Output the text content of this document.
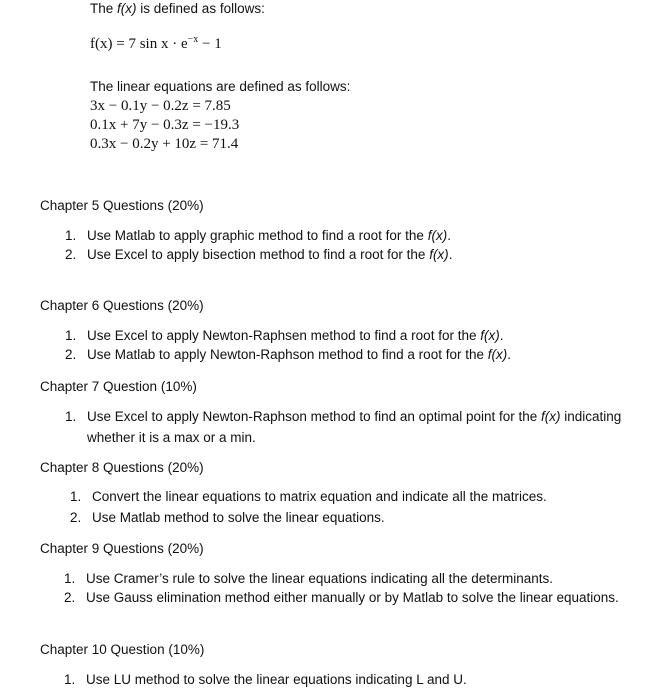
The f(x) is defined as follows:
f(x) = 7 $\sin x \cdot e^{-x} - 1$
The linear equations are defined as follows:
3x − 0.1y − 0.2z = 7.85
0.1x + 7y − 0.3z = −19.3
0.3x − 0.2y + 10z = 71.4
Chapter 5 Questions (20%)
1. Use Matlab to apply graphic method to find a root for the f(x).
2. Use Excel to apply bisection method to find a root for the f(x).
Chapter 6 Questions (20%)
1. Use Excel to apply Newton-Raphsen method to find a root for the f(x).
2. Use Matlab to apply Newton-Raphson method to find a root for the f(x).
Chapter 7 Question (10%)
1. Use Excel to apply Newton-Raphson method to find an optimal point for the f(x) indicating
whether it is a max or a min.
Chapter 8 Questions (20%)
1. Convert the linear equations to matrix equation and indicate all the matrices.
2. Use Matlab method to solve the linear equations.
Chapter 9 Questions (20%)
1. Use Cramer’s rule to solve the linear equations indicating all the determinants.
2. Use Gauss elimination method either manually or by Matlab to solve the linear equations.
Chapter 10 Question (10%)
1. Use LU method to solve the linear equations indicating L and U.
